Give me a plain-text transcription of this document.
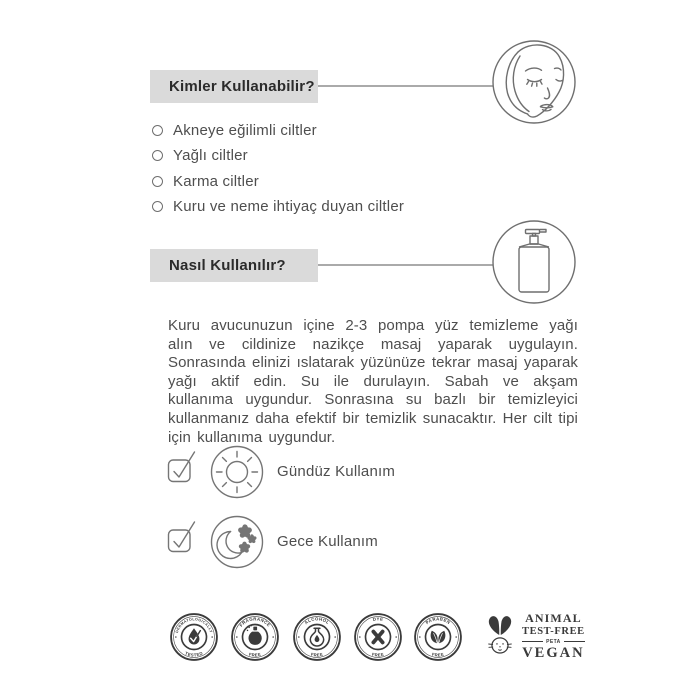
Kimler Kullanabilir?
Akneye eğilimli ciltler
Yağlı ciltler
Karma ciltler
Kuru ve neme ihtiyaç duyan ciltler
Nasıl Kullanılır?

Kuru avucunuzun içine 2-3 pompa yüz temizleme yağı alın ve cildinize nazikçe masaj yaparak uygulayın. Sonrasında elinizi ıslatarak yüzünüze tekrar masaj yaparak yağı aktif edin. Su ile durulayın. Sabah ve akşam kullanıma uygundur. Sonrasına su bazlı bir temizleyici kullanmanız daha efektif bir temizlik sunacaktır. Her cilt tipi için kullanıma uygundur.

Gündüz Kullanım
Gece Kullanım
DERMATOLOGICALLY
TESTED
FRAGRANCE
FREE
ALCOHOL
FREE
DYE
FREE
PARABEN
FREE
ANIMAL
TEST-FREE
PETA
VEGAN
